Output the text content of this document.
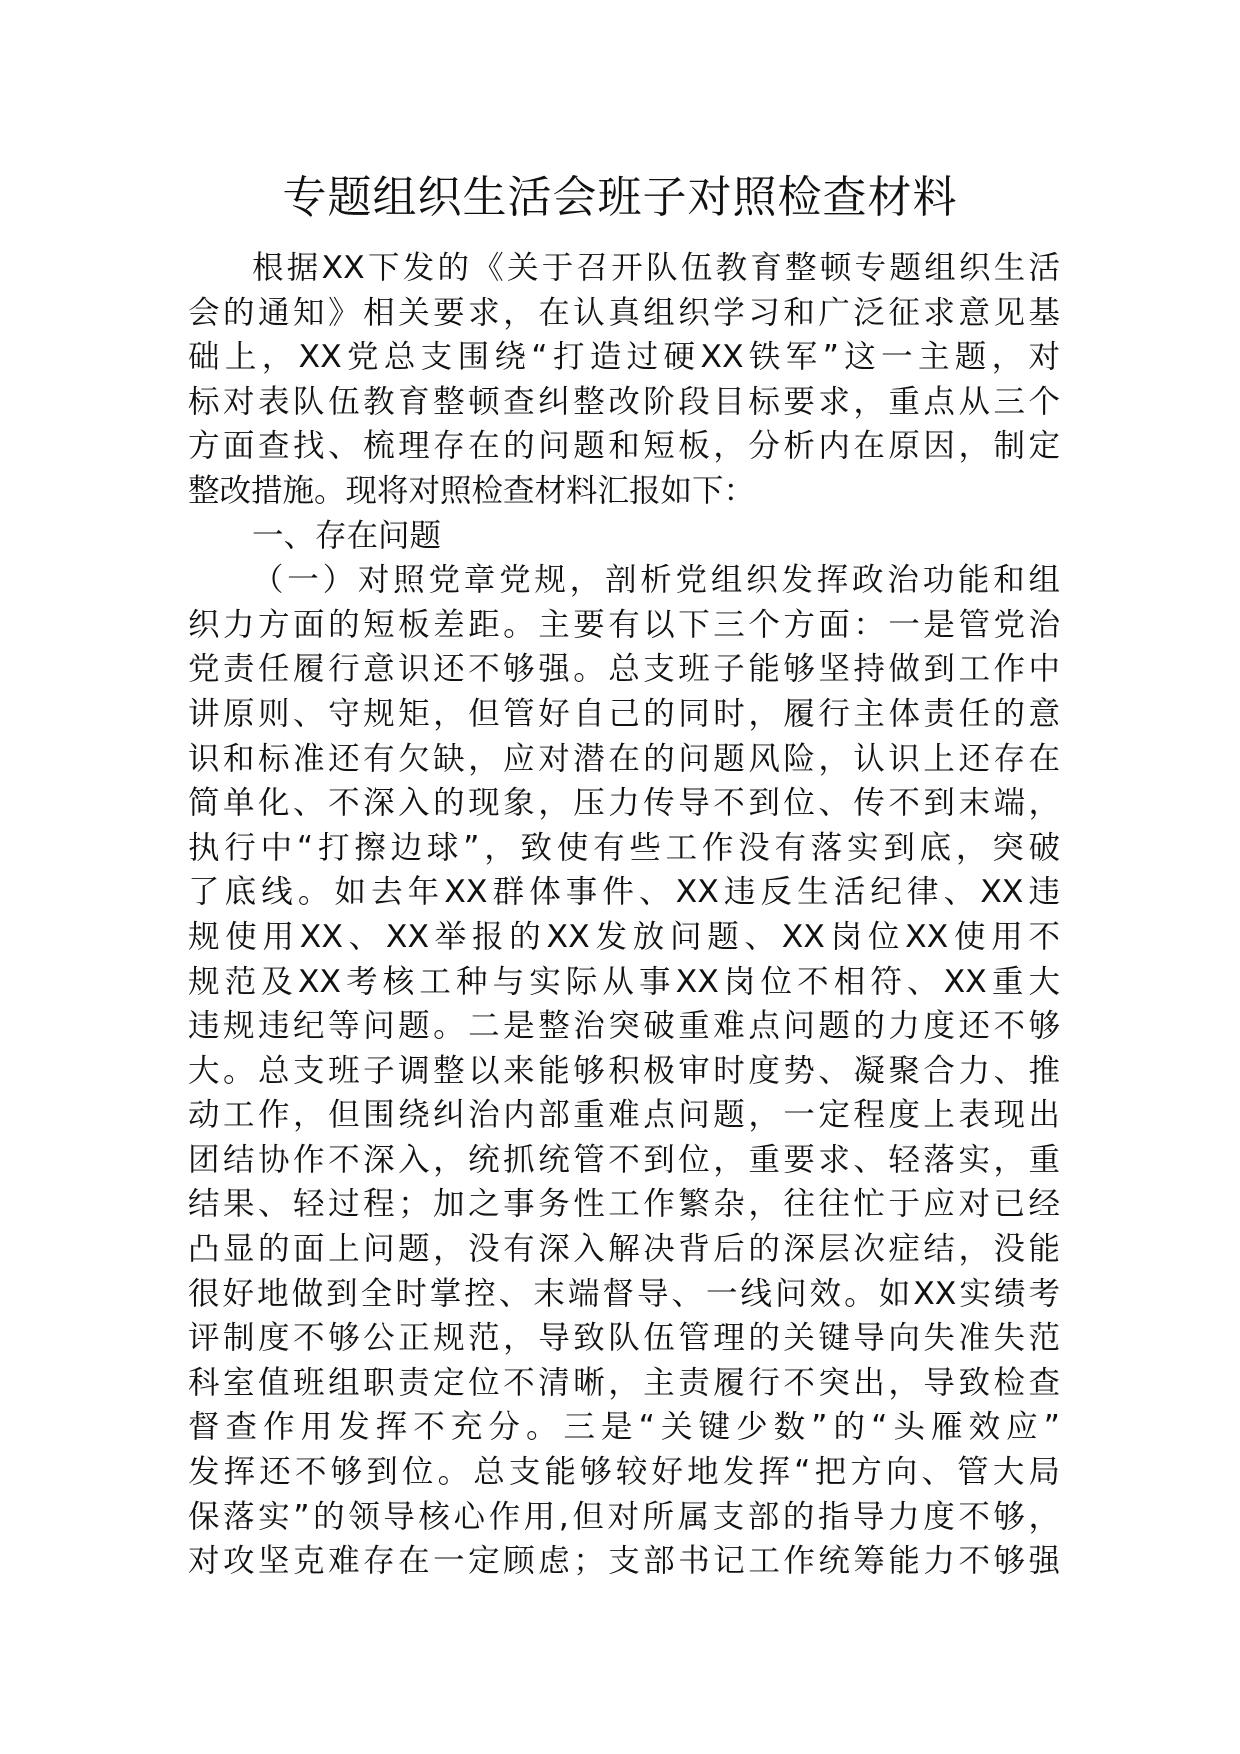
专题组织生活会班子对照检查材料
根据XX下发的《关于召开队伍教育整顿专题组织生活
会的通知》相关要求，在认真组织学习和广泛征求意见基
础上，XX党总支围绕“打造过硬XX铁军”这一主题，对
标对表队伍教育整顿查纠整改阶段目标要求，重点从三个
方面查找、梳理存在的问题和短板，分析内在原因，制定
整改措施。现将对照检查材料汇报如下：
一、存在问题
（一）对照党章党规，剖析党组织发挥政治功能和组
织力方面的短板差距。主要有以下三个方面：一是管党治
党责任履行意识还不够强。总支班子能够坚持做到工作中
讲原则、守规矩，但管好自己的同时，履行主体责任的意
识和标准还有欠缺，应对潜在的问题风险，认识上还存在
简单化、不深入的现象，压力传导不到位、传不到末端，
执行中“打擦边球”，致使有些工作没有落实到底，突破
了底线。如去年XX群体事件、XX违反生活纪律、XX违
规使用XX、XX举报的XX发放问题、XX岗位XX使用不
规范及XX考核工种与实际从事XX岗位不相符、XX重大
违规违纪等问题。二是整治突破重难点问题的力度还不够
大。总支班子调整以来能够积极审时度势、凝聚合力、推
动工作，但围绕纠治内部重难点问题，一定程度上表现出
团结协作不深入，统抓统管不到位，重要求、轻落实，重
结果、轻过程；加之事务性工作繁杂，往往忙于应对已经
凸显的面上问题，没有深入解决背后的深层次症结，没能
很好地做到全时掌控、末端督导、一线问效。如XX实绩考
评制度不够公正规范，导致队伍管理的关键导向失准失范
科室值班组职责定位不清晰，主责履行不突出，导致检查
督查作用发挥不充分。三是“关键少数”的“头雁效应”
发挥还不够到位。总支能够较好地发挥“把方向、管大局
保落实”的领导核心作用,但对所属支部的指导力度不够，
对攻坚克难存在一定顾虑；支部书记工作统筹能力不够强
